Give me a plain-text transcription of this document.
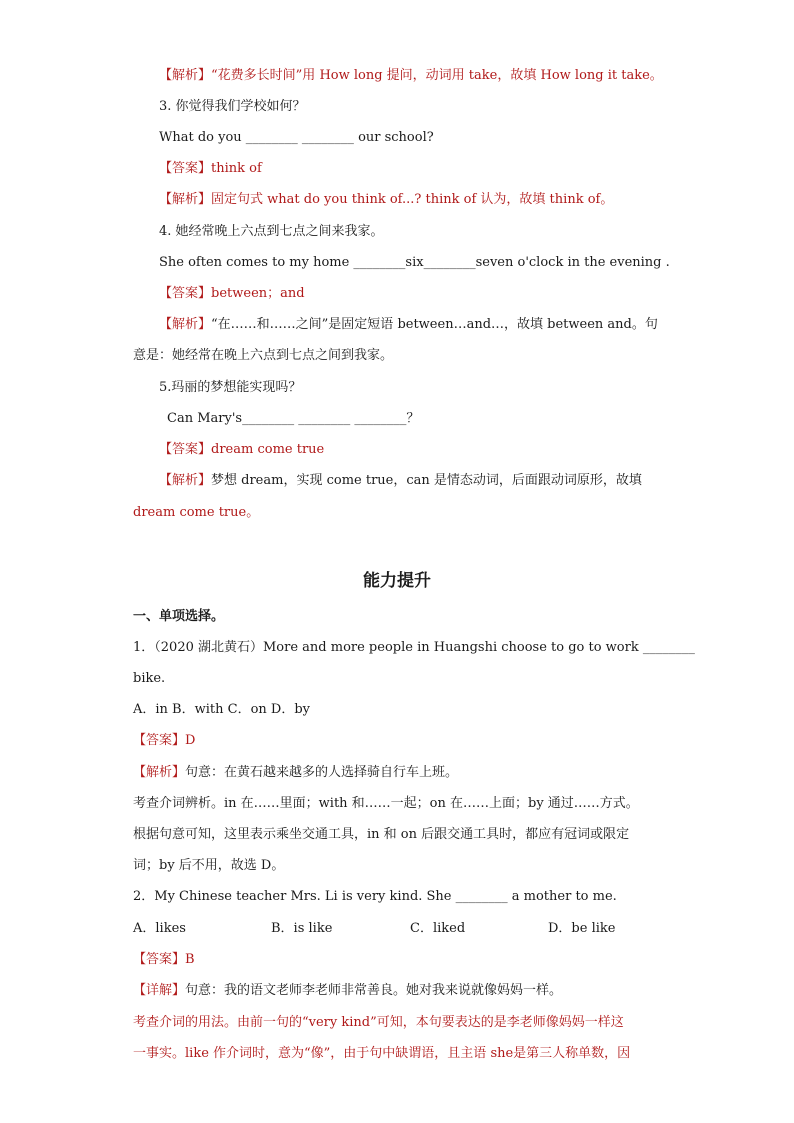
【解析】“花费多长时间”用 How long 提问，动词用 take，故填 How long it take。
3. 你觉得我们学校如何？
What do you ________ ________ our school?
【答案】think of
【解析】固定句式 what do you think of...? think of 认为，故填 think of。
4. 她经常晚上六点到七点之间来我家。
She often comes to my home ________six________seven o'clock in the evening .
【答案】between；and
【解析】“在……和……之间”是固定短语 between…and…，故填 between and。句
意是：她经常在晚上六点到七点之间到我家。
5.玛丽的梦想能实现吗？
Can Mary's________ ________ ________？
【答案】dream come true
【解析】梦想 dream，实现 come true，can 是情态动词，后面跟动词原形，故填
dream come true。
能力提升
一、单项选择。
1．（2020 湖北黄石）More and more people in Huangshi choose to go to work ________
bike.
A．in B．with C．on D．by
【答案】D
【解析】句意：在黄石越来越多的人选择骑自行车上班。
考查介词辨析。in 在……里面；with 和……一起；on 在……上面；by 通过……方式。
根据句意可知，这里表示乘坐交通工具，in 和 on 后跟交通工具时，都应有冠词或限定
词；by 后不用，故选 D。
2．My Chinese teacher Mrs. Li is very kind. She ________ a mother to me.
A．likes	B．is like	C．liked	D．be like
【答案】B
【详解】句意：我的语文老师李老师非常善良。她对我来说就像妈妈一样。
考查介词的用法。由前一句的“very kind”可知，本句要表达的是李老师像妈妈一样这
一事实。like 作介词时，意为“像”，由于句中缺谓语，且主语 she是第三人称单数，因
